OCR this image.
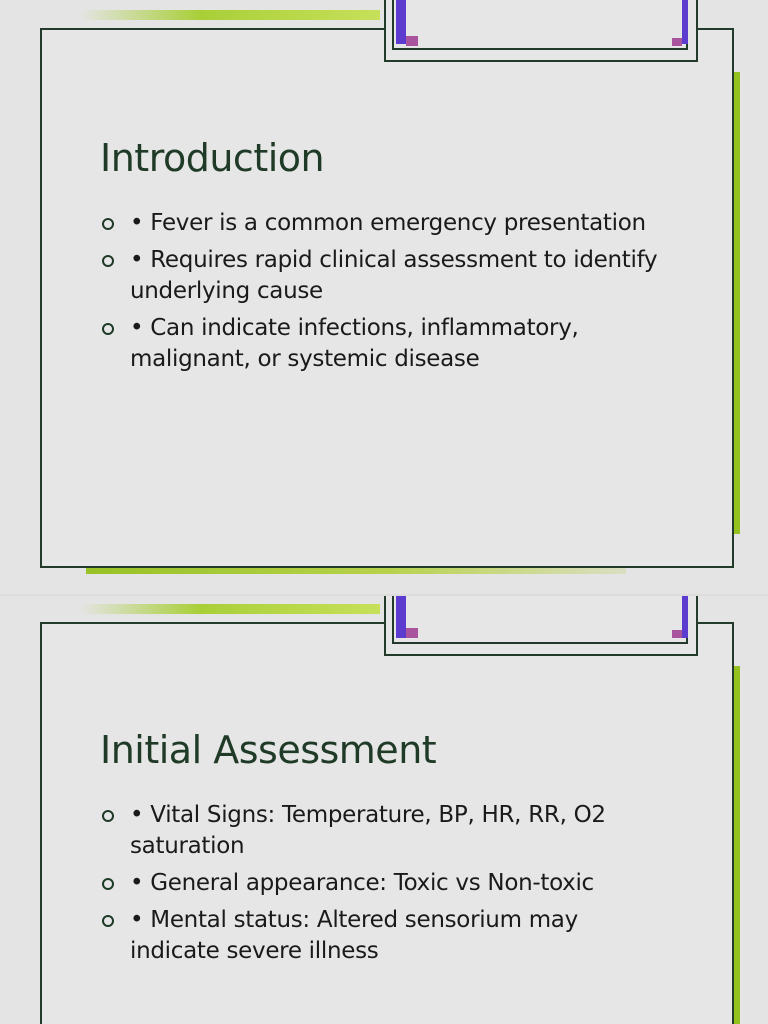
Introduction
• Fever is a common emergency presentation
• Requires rapid clinical assessment to identify underlying cause
• Can indicate infections, inflammatory, malignant, or systemic disease
Initial Assessment
• Vital Signs: Temperature, BP, HR, RR, O2 saturation
• General appearance: Toxic vs Non-toxic
• Mental status: Altered sensorium may indicate severe illness
